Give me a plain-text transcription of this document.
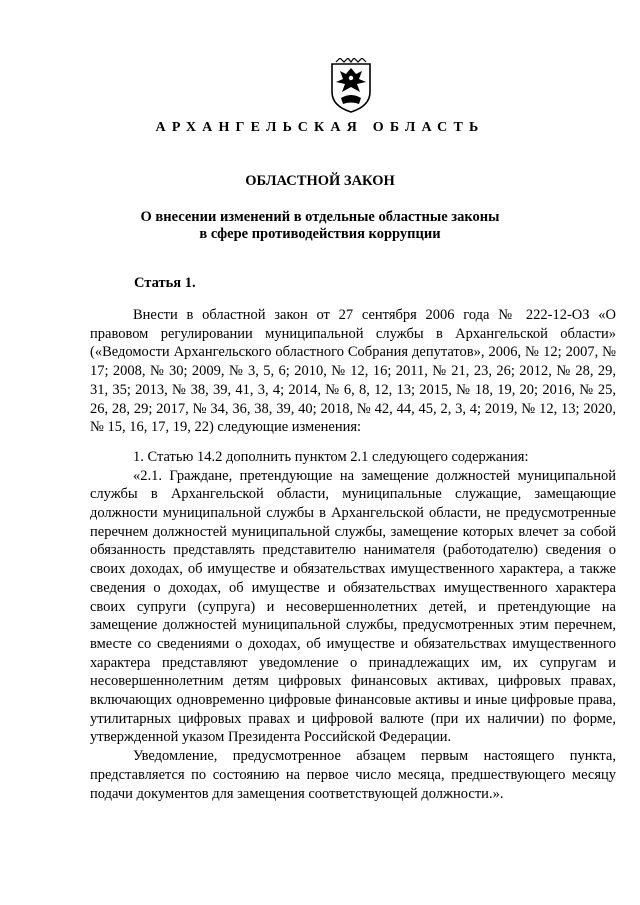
АРХАНГЕЛЬСКАЯ ОБЛАСТЬ
ОБЛАСТНОЙ ЗАКОН
О внесении изменений в отдельные областные законы
в сфере противодействия коррупции
Статья 1.

Внести в областной закон от 27 сентября 2006 года № 222-12-ОЗ «О правовом регулировании муниципальной службы в Архангельской области» («Ведомости Архангельского областного Собрания депутатов», 2006, № 12; 2007, № 17; 2008, № 30; 2009, № 3, 5, 6; 2010, № 12, 16; 2011, № 21, 23, 26; 2012, № 28, 29, 31, 35; 2013, № 38, 39, 41, 3, 4; 2014, № 6, 8, 12, 13; 2015, № 18, 19, 20; 2016, № 25, 26, 28, 29; 2017, № 34, 36, 38, 39, 40; 2018, № 42, 44, 45, 2, 3, 4; 2019, № 12, 13; 2020, № 15, 16, 17, 19, 22) следующие изменения:

1. Статью 14.2 дополнить пунктом 2.1 следующего содержания:

«2.1. Граждане, претендующие на замещение должностей муниципальной службы в Архангельской области, муниципальные служащие, замещающие должности муниципальной службы в Архангельской области, не предусмотренные перечнем должностей муниципальной службы, замещение которых влечет за собой обязанность представлять представителю нанимателя (работодателю) сведения о своих доходах, об имуществе и обязательствах имущественного характера, а также сведения о доходах, об имуществе и обязательствах имущественного характера своих супруги (супруга) и несовершеннолетних детей, и претендующие на замещение должностей муниципальной службы, предусмотренных этим перечнем, вместе со сведениями о доходах, об имуществе и обязательствах имущественного характера представляют уведомление о принадлежащих им, их супругам и несовершеннолетним детям цифровых финансовых активах, цифровых правах, включающих одновременно цифровые финансовые активы и иные цифровые права, утилитарных цифровых правах и цифровой валюте (при их наличии) по форме, утвержденной указом Президента Российской Федерации.

Уведомление, предусмотренное абзацем первым настоящего пункта, представляется по состоянию на первое число месяца, предшествующего месяцу подачи документов для замещения соответствующей должности.».
